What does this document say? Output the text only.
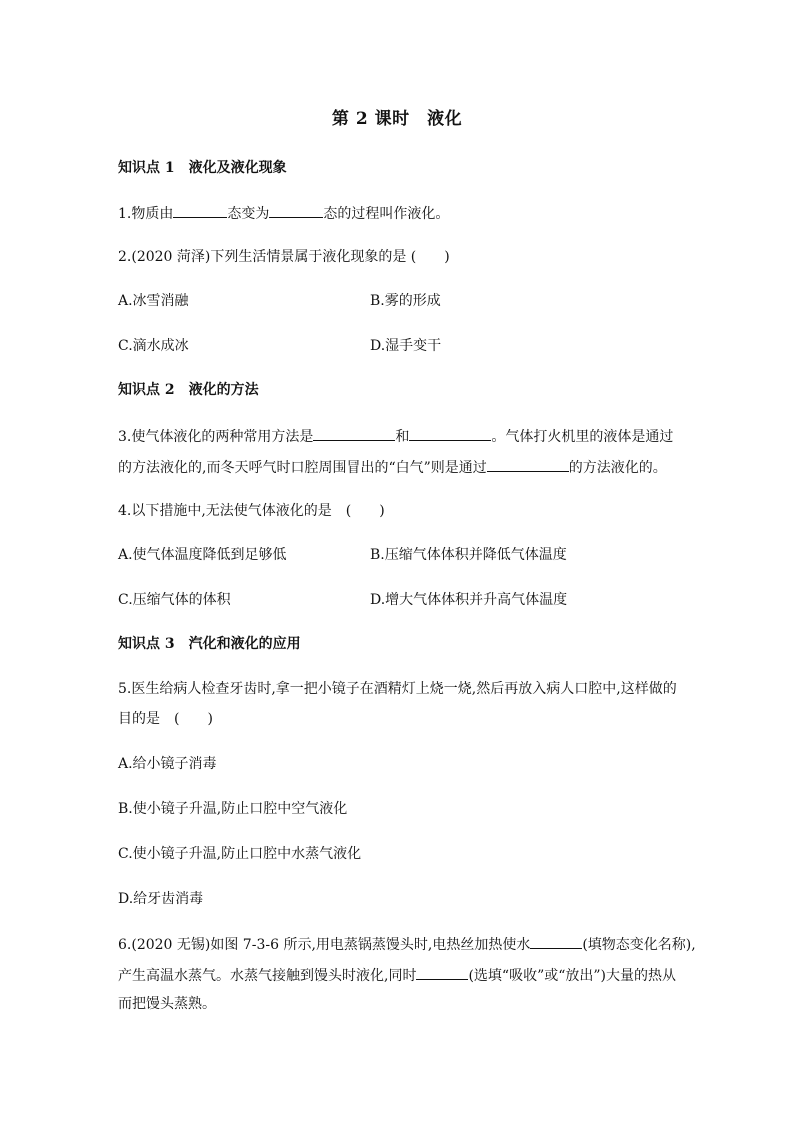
第 2 课时　液化
知识点 1　液化及液化现象
1.物质由	态变为	态的过程叫作液化。
2.(2020 菏泽)下列生活情景属于液化现象的是 (　　)
A.冰雪消融	B.雾的形成
C.滴水成冰	D.湿手变干
知识点 2　液化的方法
3.使气体液化的两种常用方法是	和	。气体打火机里的液体是通过
的方法液化的,而冬天呼气时口腔周围冒出的“白气”则是通过	的方法液化的。
4.以下措施中,无法使气体液化的是　(　　)
A.使气体温度降低到足够低	B.压缩气体体积并降低气体温度
C.压缩气体的体积	D.增大气体体积并升高气体温度
知识点 3　汽化和液化的应用
5.医生给病人检查牙齿时,拿一把小镜子在酒精灯上烧一烧,然后再放入病人口腔中,这样做的
目的是　(　　)
A.给小镜子消毒
B.使小镜子升温,防止口腔中空气液化
C.使小镜子升温,防止口腔中水蒸气液化
D.给牙齿消毒
6.(2020 无锡)如图 7-3-6 所示,用电蒸锅蒸馒头时,电热丝加热使水	(填物态变化名称),
产生高温水蒸气。水蒸气接触到馒头时液化,同时	(选填“吸收”或“放出”)大量的热从
而把馒头蒸熟。
